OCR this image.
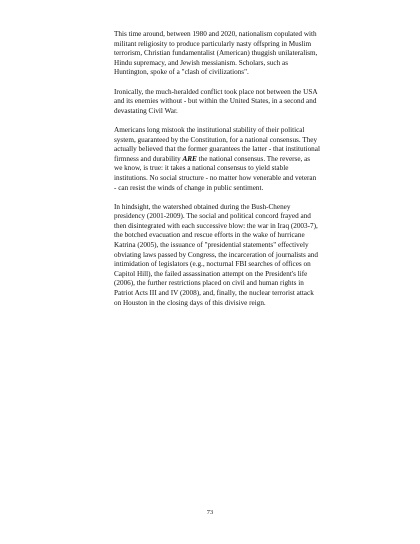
This time around, between 1980 and 2020, nationalism copulated with militant religiosity to produce particularly nasty offspring in Muslim terrorism, Christian fundamentalist (American) thuggish unilateralism, Hindu supremacy, and Jewish messianism. Scholars, such as Huntington, spoke of a "clash of civilizations".

Ironically, the much-heralded conflict took place not between the USA and its enemies without - but within the United States, in a second and devastating Civil War.

Americans long mistook the institutional stability of their political system, guaranteed by the Constitution, for a national consensus. They actually believed that the former guarantees the latter - that institutional firmness and durability ARE the national consensus. The reverse, as we know, is true: it takes a national consensus to yield stable institutions. No social structure - no matter how venerable and veteran - can resist the winds of change in public sentiment.

In hindsight, the watershed obtained during the Bush-Cheney presidency (2001-2009). The social and political concord frayed and then disintegrated with each successive blow: the war in Iraq (2003-7), the botched evacuation and rescue efforts in the wake of hurricane Katrina (2005), the issuance of "presidential statements" effectively obviating laws passed by Congress, the incarceration of journalists and intimidation of legislators (e.g., nocturnal FBI searches of offices on Capitol Hill), the failed assassination attempt on the President's life (2006), the further restrictions placed on civil and human rights in Patriot Acts III and IV (2008), and, finally, the nuclear terrorist attack on Houston in the closing days of this divisive reign.

73
